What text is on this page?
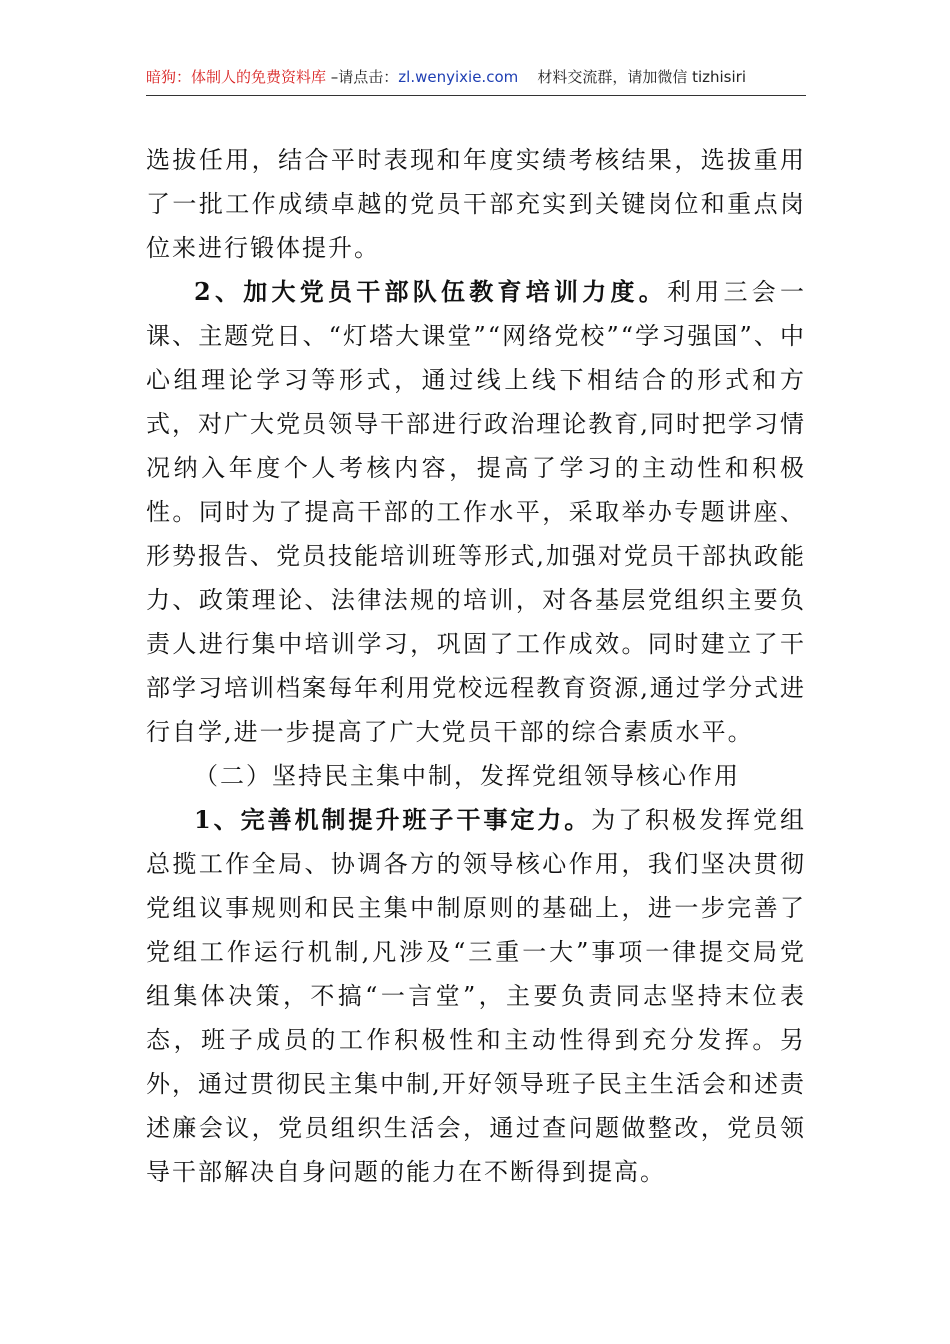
暗狗：体制人的免费资料库 –请点击：zl.wenyixie.com 材料交流群，请加微信 tizhisiri

选拔任用，结合平时表现和年度实绩考核结果，选拔重用了一批工作成绩卓越的党员干部充实到关键岗位和重点岗位来进行锻体提升。

2、加大党员干部队伍教育培训力度。利用三会一课、主题党日、“灯塔大课堂”“网络党校”“学习强国”、中心组理论学习等形式，通过线上线下相结合的形式和方式，对广大党员领导干部进行政治理论教育,同时把学习情况纳入年度个人考核内容，提高了学习的主动性和积极性。同时为了提高干部的工作水平，采取举办专题讲座、形势报告、党员技能培训班等形式,加强对党员干部执政能力、政策理论、法律法规的培训，对各基层党组织主要负责人进行集中培训学习，巩固了工作成效。同时建立了干部学习培训档案每年利用党校远程教育资源,通过学分式进行自学,进一步提高了广大党员干部的综合素质水平。

（二）坚持民主集中制，发挥党组领导核心作用

1、完善机制提升班子干事定力。为了积极发挥党组总揽工作全局、协调各方的领导核心作用，我们坚决贯彻党组议事规则和民主集中制原则的基础上，进一步完善了党组工作运行机制,凡涉及“三重一大”事项一律提交局党组集体决策，不搞“一言堂”，主要负责同志坚持末位表态，班子成员的工作积极性和主动性得到充分发挥。另外，通过贯彻民主集中制,开好领导班子民主生活会和述责述廉会议，党员组织生活会，通过查问题做整改，党员领导干部解决自身问题的能力在不断得到提高。
